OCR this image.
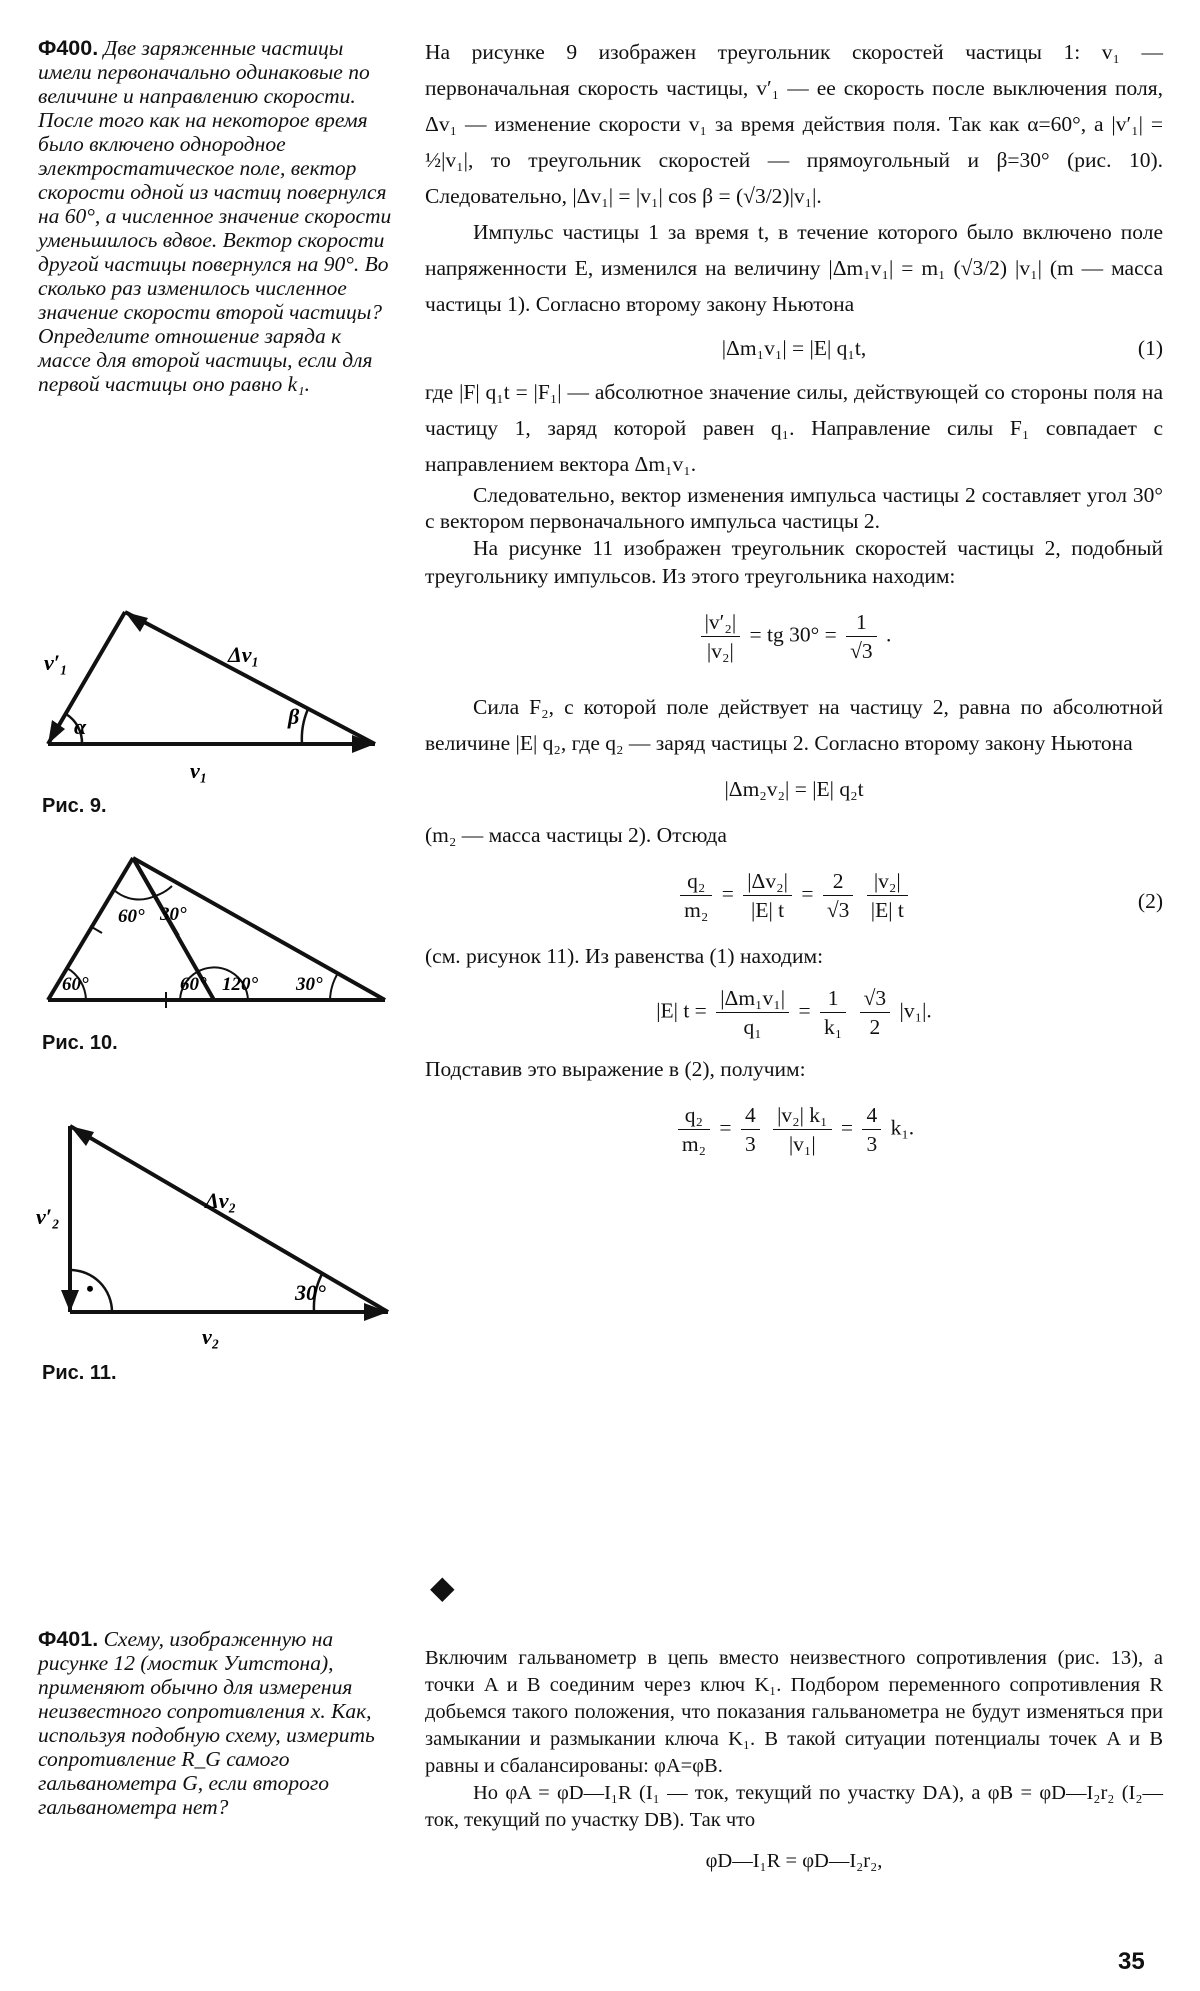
Ф400. Две заряженные частицы имели первоначально одинаковые по величине и направлению скорости. После того как на некоторое время было включено однородное электростатическое поле, вектор скорости одной из частиц повернулся на 60°, а численное значение скорости уменьшилось вдвое. Вектор скорости другой частицы повернулся на 90°. Во сколько раз изменилось численное значение скорости второй частицы? Определите отношение заряда к массе для второй частицы, если для первой частицы оно равно k₁.
v′₁	Δv₁
v₁
α	β
Рис. 9.
60° 30°
60°	60° 120° 30°
Рис. 10.
v′₂
Δv₂
v₂
30°
•
Рис. 11.

На рисунке 9 изображен треугольник скоростей частицы 1: v₁ — первоначальная скорость частицы, v′₁ — ее скорость после выключения поля, Δv₁ — изменение скорости v₁ за время действия поля. Так как α=60°, а |v′₁| = ½|v₁|, то треугольник скоростей — прямоугольный и β=30° (рис. 10). Следовательно, |Δv₁| = |v₁| cos β = (√3/2)|v₁|.

Импульс частицы 1 за время t, в течение которого было включено поле напряженности E, изменился на величину |Δm₁v₁| = m₁ (√3/2) |v₁| (m — масса частицы 1). Согласно второму закону Ньютона

|Δm₁v₁| = |E| q₁t,	(1)

где |F| q₁t = |F₁| — абсолютное значение силы, действующей со стороны поля на частицу 1, заряд которой равен q₁. Направление силы F₁ совпадает с направлением вектора Δm₁v₁.

Следовательно, вектор изменения импульса частицы 2 составляет угол 30° с вектором первоначального импульса частицы 2.

На рисунке 11 изображен треугольник скоростей частицы 2, подобный треугольнику импульсов. Из этого треугольника находим:

$\frac{\text{|v′₂|}}{\text{|v₂|}}$ = tg $30^\circ = \frac{1}{√3}$ .

Сила F₂, с которой поле действует на частицу 2, равна по абсолютной величине |E| q₂, где q₂ — заряд частицы 2. Согласно второму закону Ньютона

|Δm₂v₂| = |E| q₂t

(m₂ — масса частицы 2). Отсюда

$\frac{\text{q₂}}{\text{m₂}} = \frac{\text{|Δv₂|}}{|E| t} = \frac{2}{√3}$
$\frac{\text{|v₂|}}{|E| t}$	(2)

(см. рисунок 11). Из равенства (1) находим:

|E| $t = \frac{\text{|Δm₁v₁|}}{\text{q₁}} = \frac{1}{\text{k₁}}$
$\frac{√3}{2} |v_1|$.

Подставив это выражение в (2), получим:

$\frac{\text{q₂}}{\text{m₂}} = \frac{4}{3}$
$\frac{\text{|v₂| k₁}}{\text{|v₁|}} = \frac{4}{3} k_1$.
◆
Ф401. Схему, изображенную на рисунке 12 (мостик Уитстона), применяют обычно для измерения неизвестного сопротивления x. Как, используя подобную схему, измерить сопротивление R_G самого гальванометра G, если второго гальванометра нет?

Включим гальванометр в цепь вместо неизвестного сопротивления (рис. 13), а точки A и B соединим через ключ K₁. Подбором переменного сопротивления R добьемся такого положения, что показания гальванометра не будут изменяться при замыкании и размыкании ключа K₁. В такой ситуации потенциалы точек A и B равны и сбалансированы: φA=φB.

Но φA = φD—I₁R (I₁ — ток, текущий по участку DA), а φB = φD—I₂r₂ (I₂— ток, текущий по участку DB). Так что

φD—I₁R = φD—I₂r₂,
35
